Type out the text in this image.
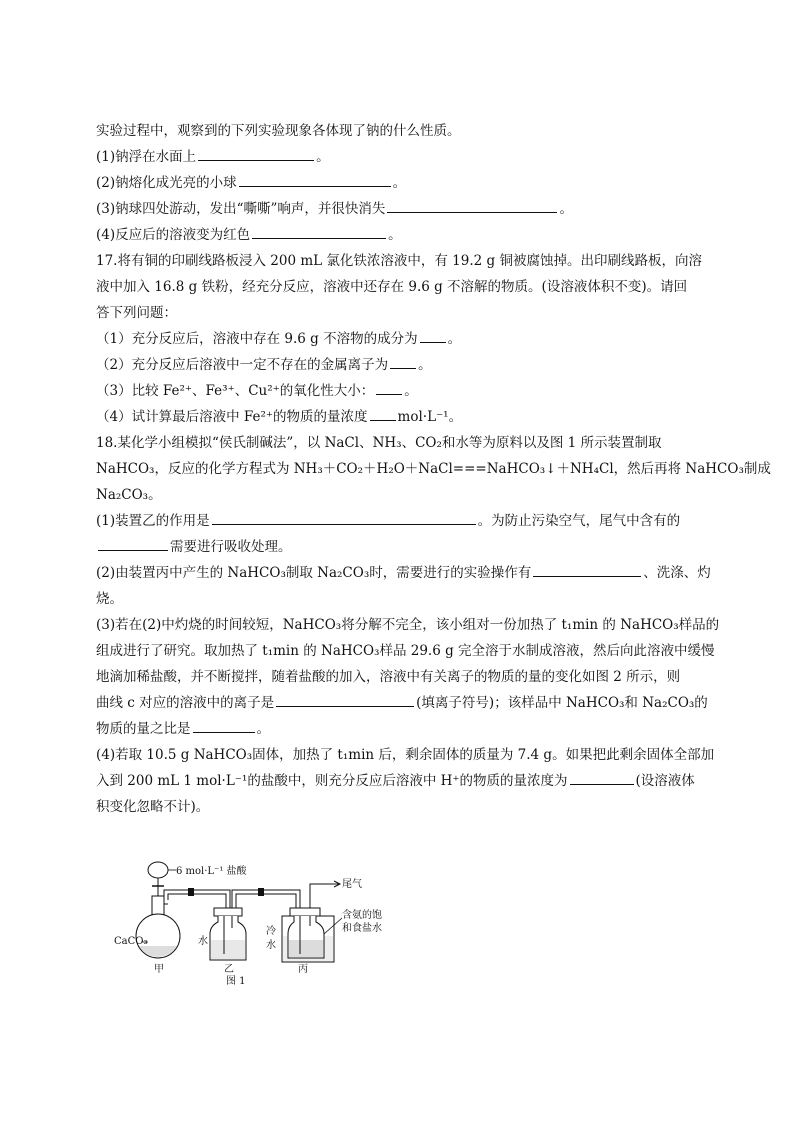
实验过程中，观察到的下列实验现象各体现了钠的什么性质。
(1)钠浮在水面上	。
(2)钠熔化成光亮的小球	。
(3)钠球四处游动，发出“嘶嘶”响声，并很快消失	。
(4)反应后的溶液变为红色	。
17.将有铜的印刷线路板浸入 200 mL 氯化铁浓溶液中，有 19.2 g 铜被腐蚀掉。出印刷线路板，向溶
液中加入 16.8 g 铁粉，经充分反应，溶液中还存在 9.6 g 不溶解的物质。(设溶液体积不变)。请回
答下列问题：
（1）充分反应后，溶液中存在 9.6 g 不溶物的成分为 。
（2）充分反应后溶液中一定不存在的金属离子为 。
（3）比较 Fe²⁺、Fe³⁺、Cu²⁺的氧化性大小： 。
（4）试计算最后溶液中 Fe²⁺的物质的量浓度 mol·L⁻¹。
18.某化学小组模拟“侯氏制碱法”，以 NaCl、NH₃、CO₂和水等为原料以及图 1 所示装置制取
NaHCO₃，反应的化学方程式为 NH₃＋CO₂＋H₂O＋NaCl===NaHCO₃↓＋NH₄Cl，然后再将 NaHCO₃制成
Na₂CO₃。
(1)装置乙的作用是	。为防止污染空气，尾气中含有的
需要进行吸收处理。
(2)由装置丙中产生的 NaHCO₃制取 Na₂CO₃时，需要进行的实验操作有	、洗涤、灼
烧。
(3)若在(2)中灼烧的时间较短，NaHCO₃将分解不完全，该小组对一份加热了 t₁min 的 NaHCO₃样品的
组成进行了研究。取加热了 t₁min 的 NaHCO₃样品 29.6 g 完全溶于水制成溶液，然后向此溶液中缓慢
地滴加稀盐酸，并不断搅拌，随着盐酸的加入，溶液中有关离子的物质的量的变化如图 2 所示，则
曲线 c 对应的溶液中的离子是	(填离子符号)；该样品中 NaHCO₃和 Na₂CO₃的
物质的量之比是	。
(4)若取 10.5 g NaHCO₃固体，加热了 t₁min 后，剩余固体的质量为 7.4 g。如果把此剩余固体全部加
入到 200 mL 1 mol·L⁻¹的盐酸中，则充分反应后溶液中 H⁺的物质的量浓度为	(设溶液体
积变化忽略不计)。
6 mol·L⁻¹ 盐酸
CaCO₃
甲
水
乙
冷
水
丙
尾气
含氨的饱
和食盐水
图 1
